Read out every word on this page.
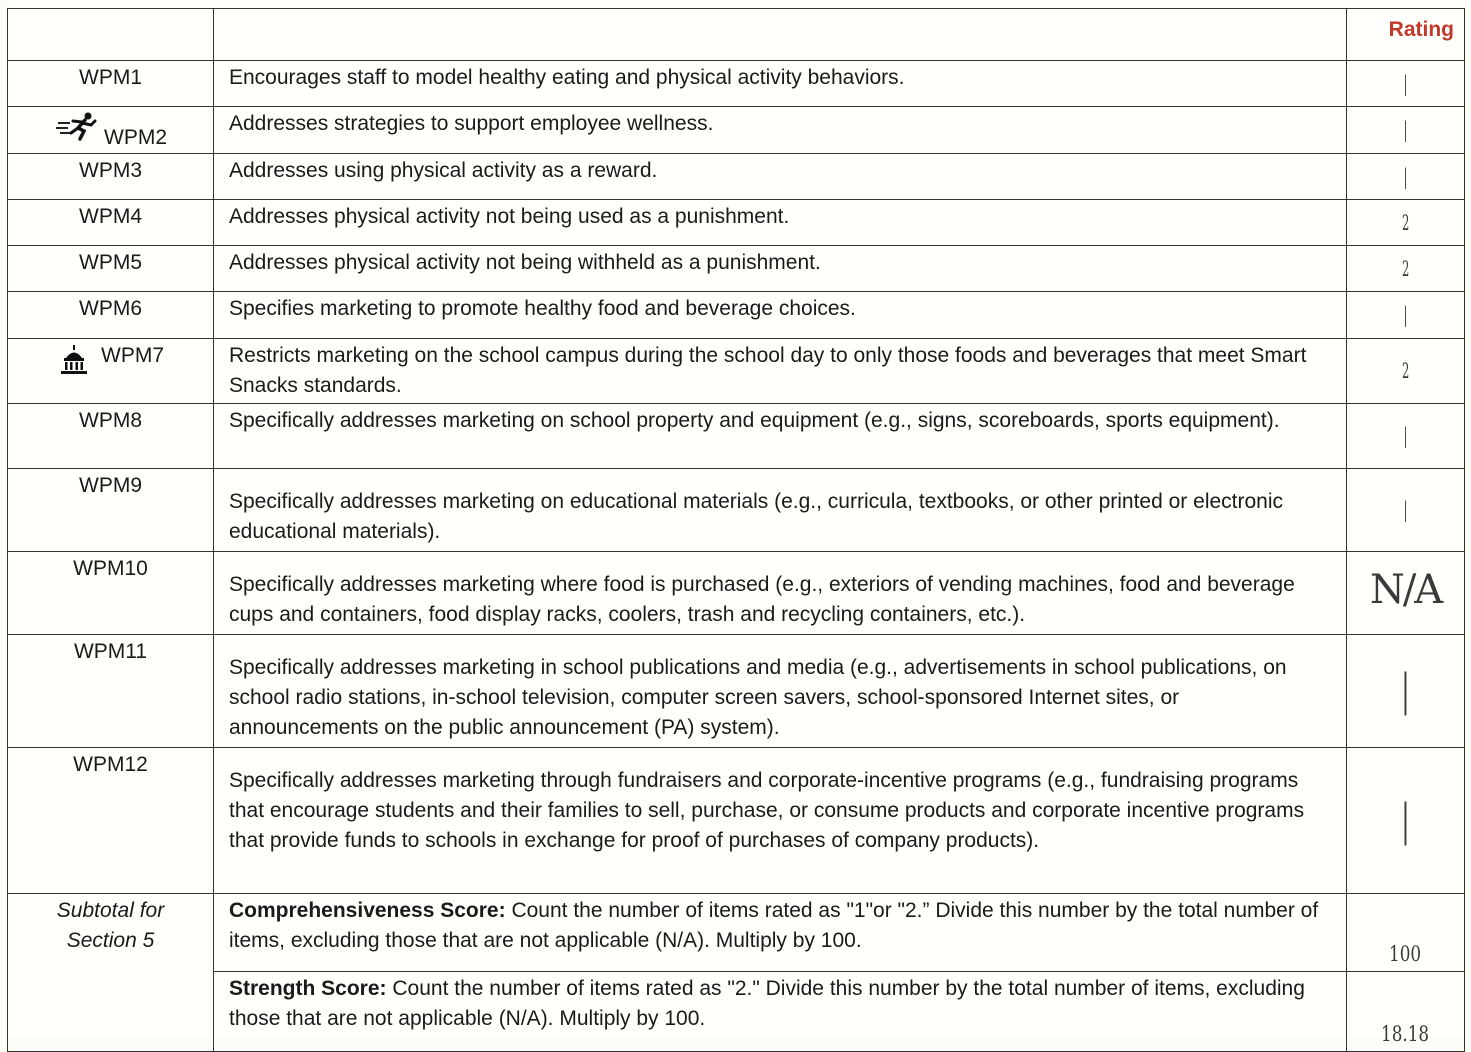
		Rating
WPM1	Encourages staff to model healthy eating and physical activity behaviors.	|

WPM2	Addresses strategies to support employee wellness.	|
WPM3	Addresses using physical activity as a reward.	|
WPM4	Addresses physical activity not being used as a punishment.	2
WPM5	Addresses physical activity not being withheld as a punishment.	2
WPM6	Specifies marketing to promote healthy food and beverage choices.	|

WPM7	Restricts marketing on the school campus during the school day to only those foods and beverages that meet Smart Snacks standards.	2
WPM8	Specifically addresses marketing on school property and equipment (e.g., signs, scoreboards, sports equipment).	|
WPM9	Specifically addresses marketing on educational materials (e.g., curricula, textbooks, or other printed or electronic educational materials).	|
WPM10	Specifically addresses marketing where food is purchased (e.g., exteriors of vending machines, food and beverage cups and containers, food display racks, coolers, trash and recycling containers, etc.).	N/A
WPM11	Specifically addresses marketing in school publications and media (e.g., advertisements in school publications, on school radio stations, in-school television, computer screen savers, school-sponsored Internet sites, or announcements on the public announcement (PA) system).	|
WPM12	Specifically addresses marketing through fundraisers and corporate-incentive programs (e.g., fundraising programs that encourage students and their families to sell, purchase, or consume products and corporate incentive programs that provide funds to schools in exchange for proof of purchases of company products).	|

Subtotal for
Section 5	Comprehensiveness Score: Count the number of items rated as "1"or "2.” Divide this number by the total number of items, excluding those that are not applicable (N/A). Multiply by 100.	100
	Strength Score: Count the number of items rated as "2." Divide this number by the total number of items, excluding those that are not applicable (N/A). Multiply by 100.	18.18
